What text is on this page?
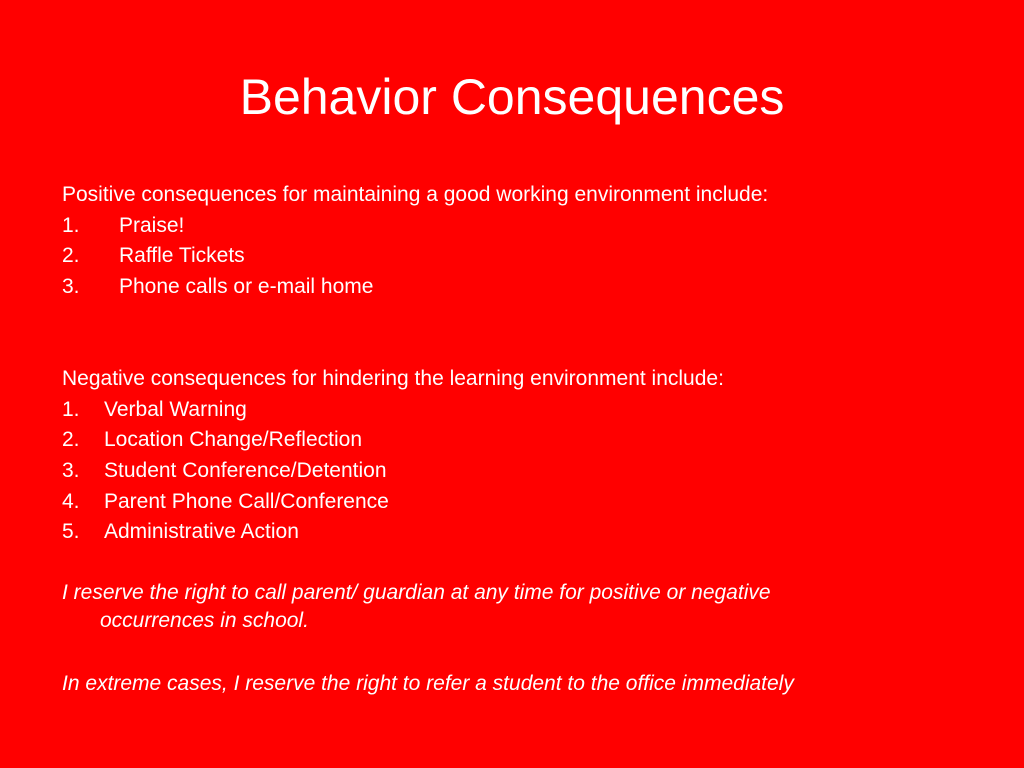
Behavior Consequences

Positive consequences for maintaining a good working environment include:

1. Praise!

2. Raffle Tickets

3. Phone calls or e-mail home

Negative consequences for hindering the learning environment include:

1. Verbal Warning

2. Location Change/Reflection

3. Student Conference/Detention

4. Parent Phone Call/Conference

5. Administrative Action

I reserve the right to call parent/ guardian at any time for positive or negative
occurrences in school.

In extreme cases, I reserve the right to refer a student to the office immediately
